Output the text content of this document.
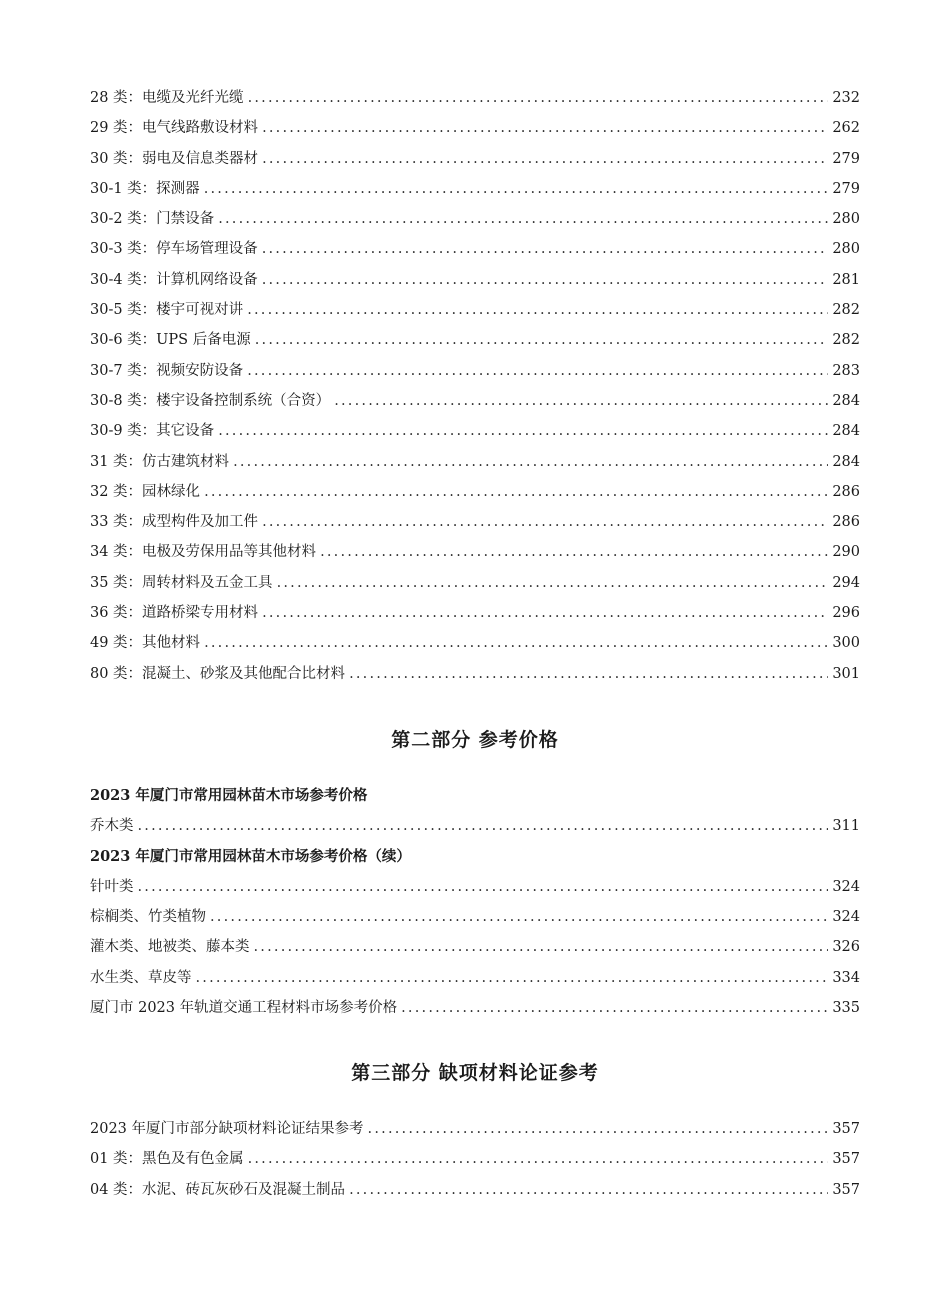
28 类：电缆及光纤光缆 .....	232
29 类：电气线路敷设材料 .....	262
30 类：弱电及信息类器材 .....	279
30-1 类：探测器 .....	279
30-2 类：门禁设备 .....	280
30-3 类：停车场管理设备 .....	280
30-4 类：计算机网络设备 .....	281
30-5 类：楼宇可视对讲 .....	282
30-6 类：UPS 后备电源 .....	282
30-7 类：视频安防设备 .....	283
30-8 类：楼宇设备控制系统（合资） .....	284
30-9 类：其它设备 .....	284
31 类：仿古建筑材料 .....	284
32 类：园林绿化 .....	286
33 类：成型构件及加工件 .....	286
34 类：电极及劳保用品等其他材料 .....	290
35 类：周转材料及五金工具 .....	294
36 类：道路桥梁专用材料 .....	296
49 类：其他材料 .....	300
80 类：混凝土、砂浆及其他配合比材料 .....	301
第二部分 参考价格
2023 年厦门市常用园林苗木市场参考价格
乔木类 .....	311
2023 年厦门市常用园林苗木市场参考价格（续）
针叶类 .....	324
棕榈类、竹类植物 .....	324
灌木类、地被类、藤本类 .....	326
水生类、草皮等 .....	334
厦门市 2023 年轨道交通工程材料市场参考价格 .....	335
第三部分 缺项材料论证参考
2023 年厦门市部分缺项材料论证结果参考 .....	357
01 类：黑色及有色金属 .....	357
04 类：水泥、砖瓦灰砂石及混凝土制品 .....	357
